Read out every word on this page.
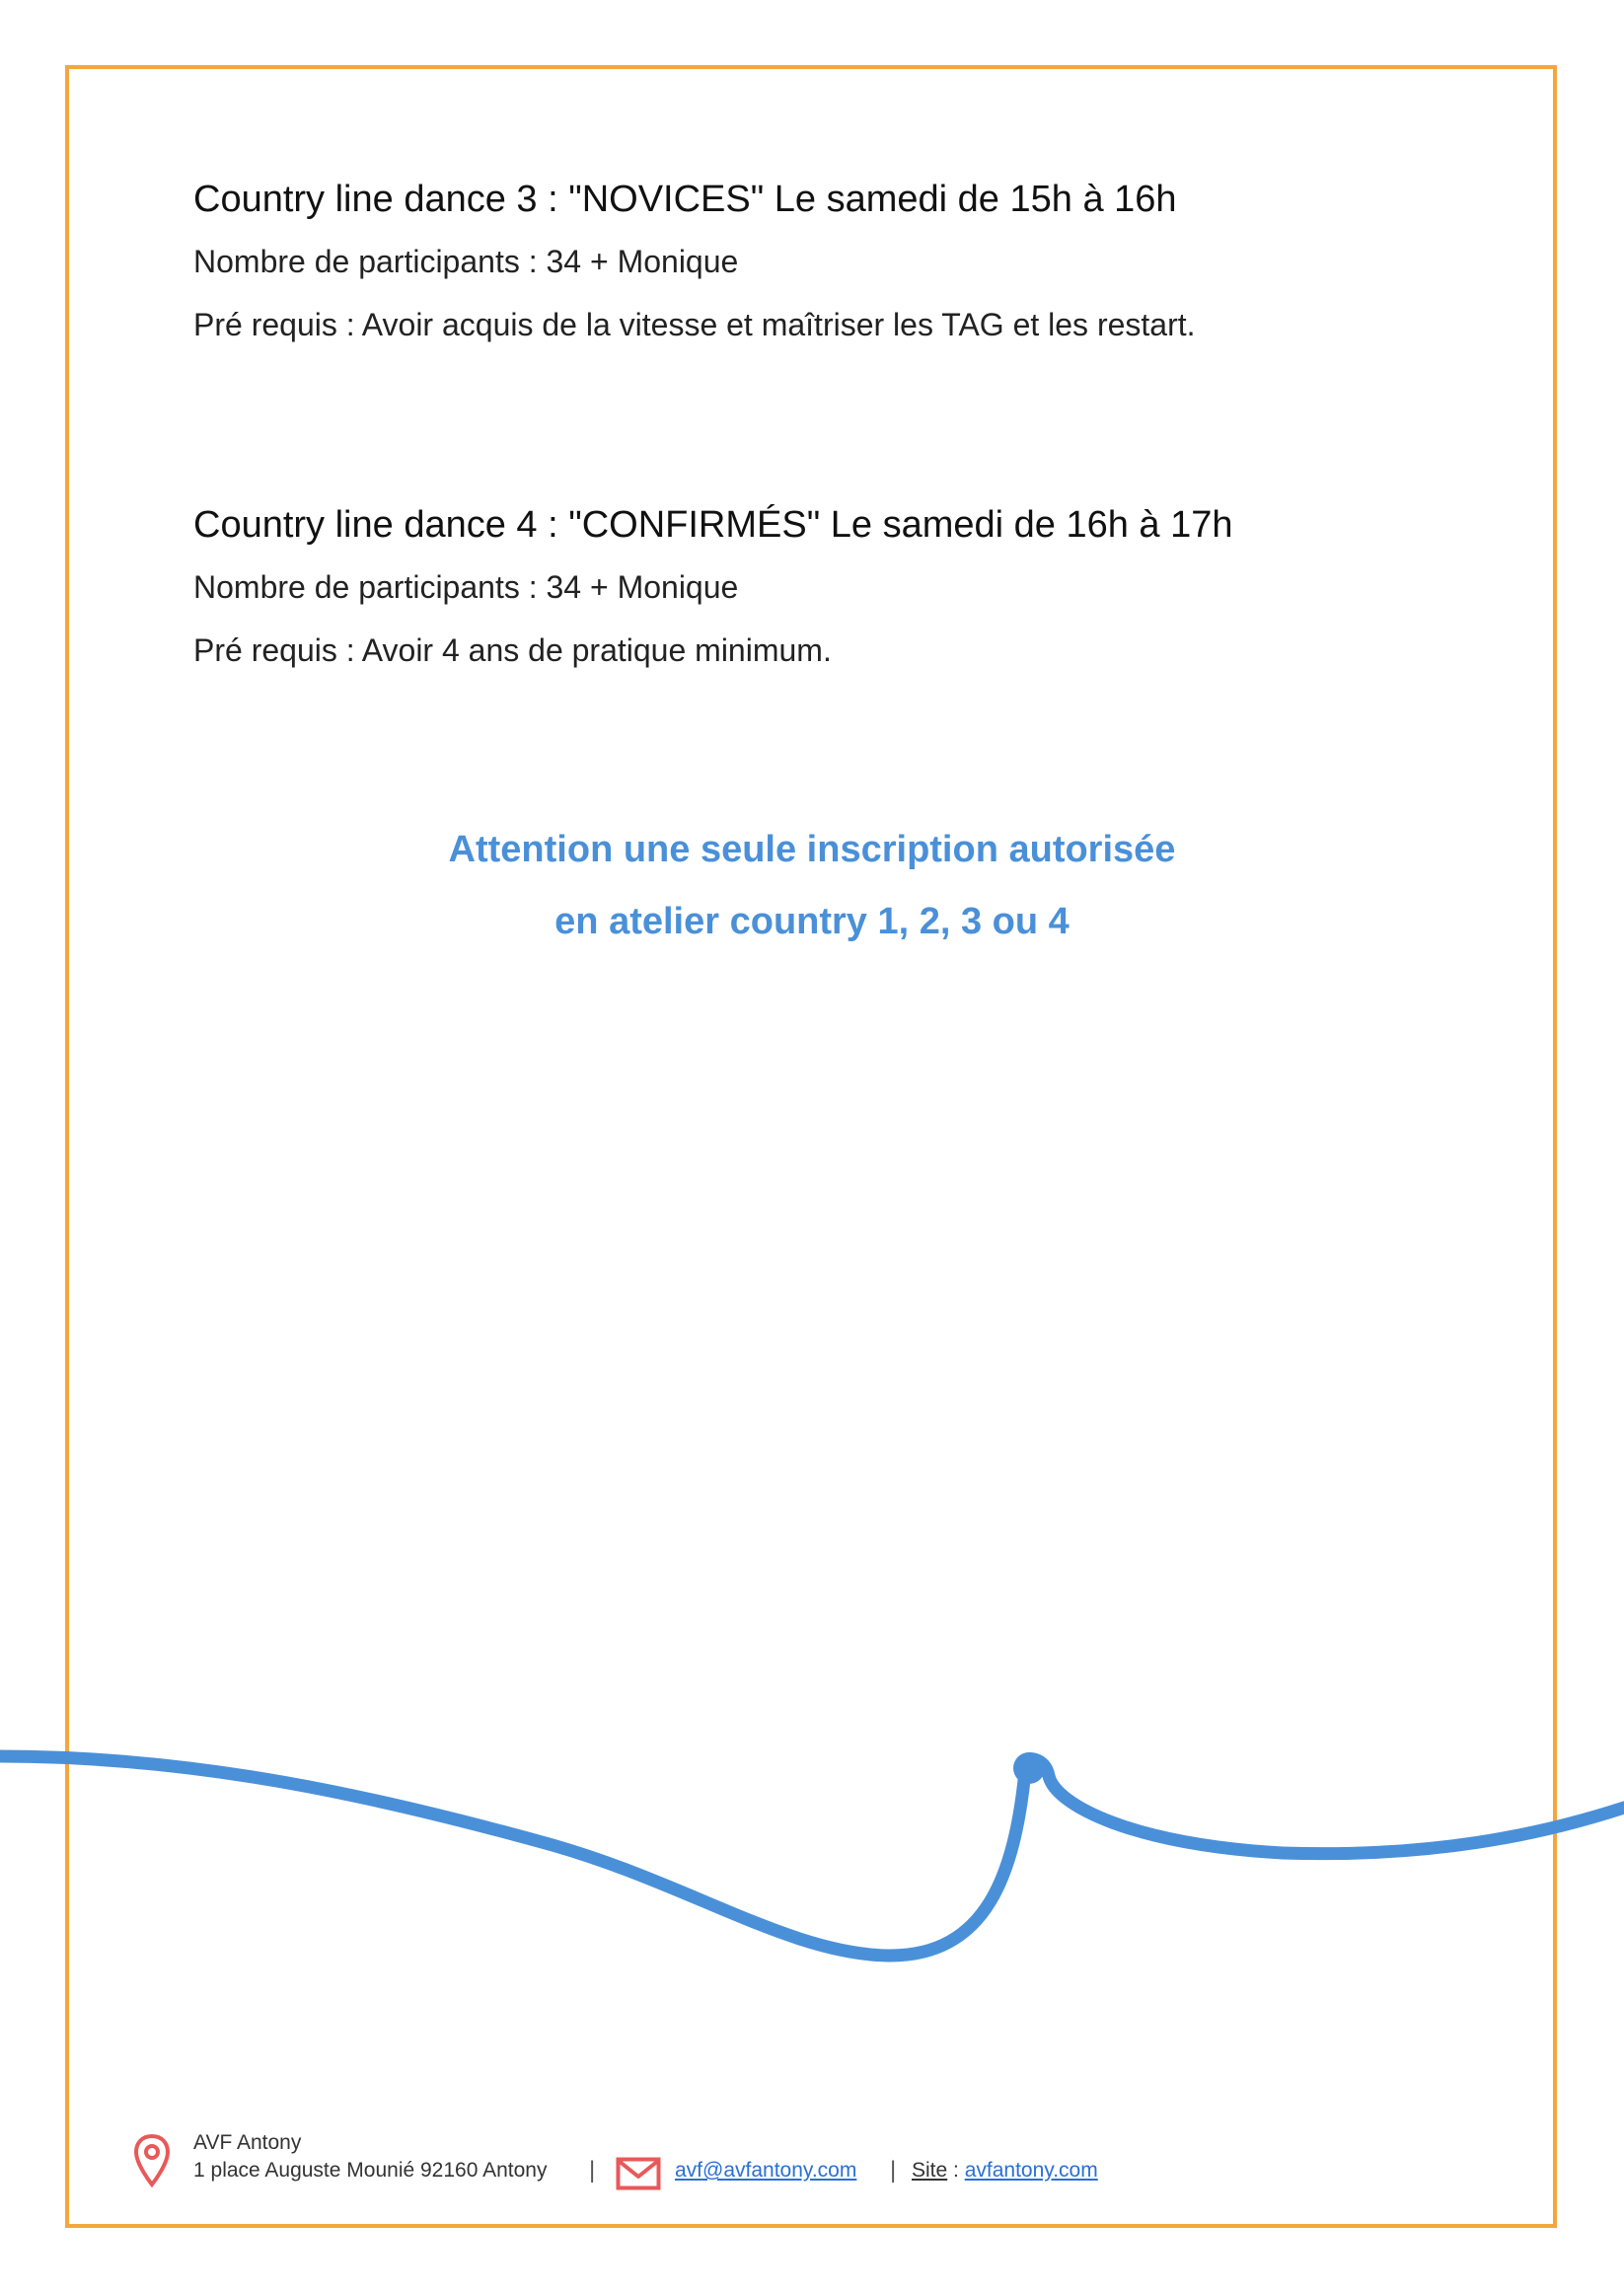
Country line dance 3 : "NOVICES" Le samedi de 15h à 16h

Nombre de participants : 34 + Monique

Pré requis : Avoir acquis de la vitesse et maîtriser les TAG et les restart.

Country line dance 4 : "CONFIRMÉS" Le samedi de 16h à 17h

Nombre de participants : 34 + Monique

Pré requis : Avoir 4 ans de pratique minimum.

Attention une seule inscription autorisée
en atelier country 1, 2, 3 ou 4
AVF Antony
1 place Auguste Mounié 92160 Antony |	avf@avfantony.com | Site : avfantony.com
